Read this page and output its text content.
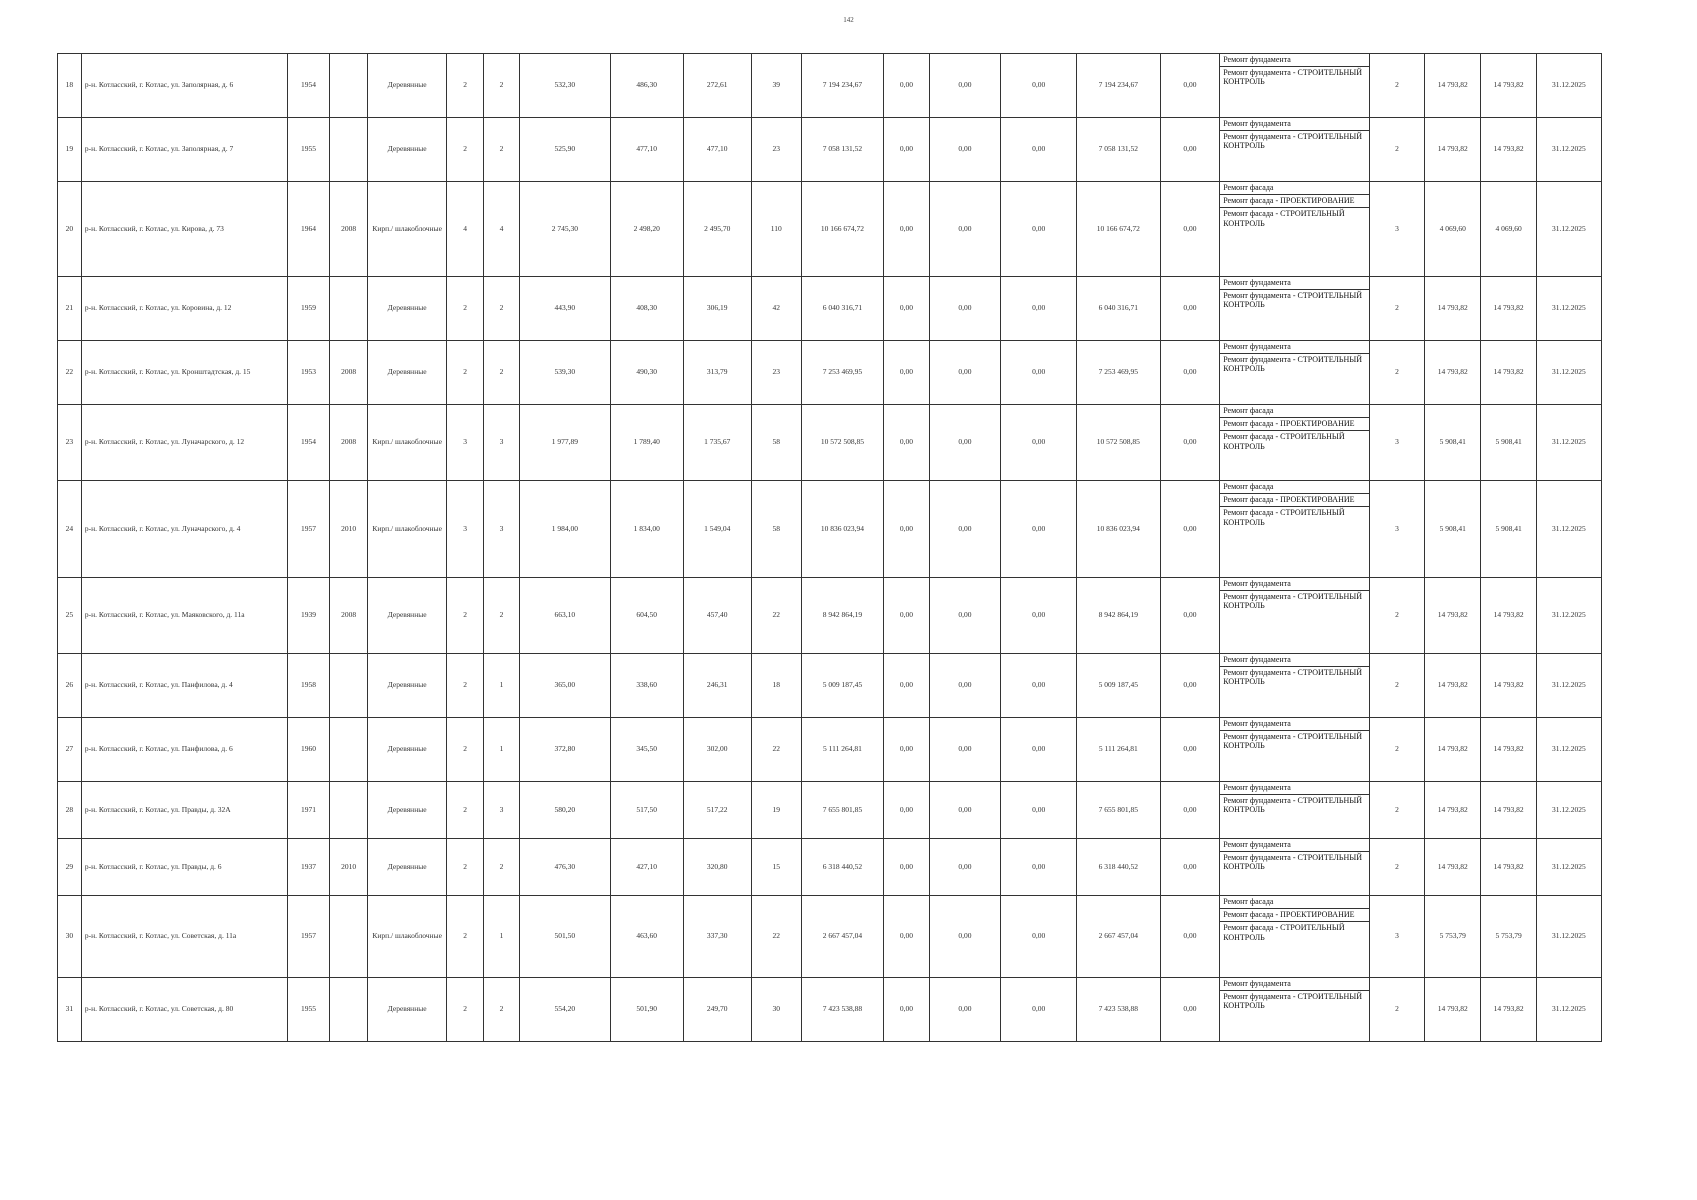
142
18	р-н. Котласский, г. Котлас, ул. Заполярная, д. 6	1954		Деревянные	2	2	532,30	486,30	272,61	39	7 194 234,67	0,00	0,00	0,00	7 194 234,67	0,00	Ремонт фундамента
Ремонт фундамента - СТРОИТЕЛЬНЫЙ КОНТРОЛЬ	2	14 793,82	14 793,82	31.12.2025
19	р-н. Котласский, г. Котлас, ул. Заполярная, д. 7	1955		Деревянные	2	2	525,90	477,10	477,10	23	7 058 131,52	0,00	0,00	0,00	7 058 131,52	0,00	Ремонт фундамента
Ремонт фундамента - СТРОИТЕЛЬНЫЙ КОНТРОЛЬ	2	14 793,82	14 793,82	31.12.2025
20	р-н. Котласский, г. Котлас, ул. Кирова, д. 73	1964	2008	Кирп./ шлакоблочные	4	4	2 745,30	2 498,20	2 495,70	110	10 166 674,72	0,00	0,00	0,00	10 166 674,72	0,00	Ремонт фасада
Ремонт фасада - ПРОЕКТИРОВАНИЕ
Ремонт фасада - СТРОИТЕЛЬНЫЙ КОНТРОЛЬ	3	4 069,60	4 069,60	31.12.2025
21	р-н. Котласский, г. Котлас, ул. Коровина, д. 12	1959		Деревянные	2	2	443,90	408,30	306,19	42	6 040 316,71	0,00	0,00	0,00	6 040 316,71	0,00	Ремонт фундамента
Ремонт фундамента - СТРОИТЕЛЬНЫЙ КОНТРОЛЬ	2	14 793,82	14 793,82	31.12.2025
22	р-н. Котласский, г. Котлас, ул. Кронштадтская, д. 15	1953	2008	Деревянные	2	2	539,30	490,30	313,79	23	7 253 469,95	0,00	0,00	0,00	7 253 469,95	0,00	Ремонт фундамента
Ремонт фундамента - СТРОИТЕЛЬНЫЙ КОНТРОЛЬ	2	14 793,82	14 793,82	31.12.2025
23	р-н. Котласский, г. Котлас, ул. Луначарского, д. 12	1954	2008	Кирп./ шлакоблочные	3	3	1 977,89	1 789,40	1 735,67	58	10 572 508,85	0,00	0,00	0,00	10 572 508,85	0,00	Ремонт фасада
Ремонт фасада - ПРОЕКТИРОВАНИЕ
Ремонт фасада - СТРОИТЕЛЬНЫЙ КОНТРОЛЬ	3	5 908,41	5 908,41	31.12.2025
24	р-н. Котласский, г. Котлас, ул. Луначарского, д. 4	1957	2010	Кирп./ шлакоблочные	3	3	1 984,00	1 834,00	1 549,04	58	10 836 023,94	0,00	0,00	0,00	10 836 023,94	0,00	Ремонт фасада
Ремонт фасада - ПРОЕКТИРОВАНИЕ
Ремонт фасада - СТРОИТЕЛЬНЫЙ КОНТРОЛЬ	3	5 908,41	5 908,41	31.12.2025
25	р-н. Котласский, г. Котлас, ул. Маяковского, д. 11а	1939	2008	Деревянные	2	2	663,10	604,50	457,40	22	8 942 864,19	0,00	0,00	0,00	8 942 864,19	0,00	Ремонт фундамента
Ремонт фундамента - СТРОИТЕЛЬНЫЙ КОНТРОЛЬ	2	14 793,82	14 793,82	31.12.2025
26	р-н. Котласский, г. Котлас, ул. Панфилова, д. 4	1958		Деревянные	2	1	365,00	338,60	246,31	18	5 009 187,45	0,00	0,00	0,00	5 009 187,45	0,00	Ремонт фундамента
Ремонт фундамента - СТРОИТЕЛЬНЫЙ КОНТРОЛЬ	2	14 793,82	14 793,82	31.12.2025
27	р-н. Котласский, г. Котлас, ул. Панфилова, д. 6	1960		Деревянные	2	1	372,80	345,50	302,00	22	5 111 264,81	0,00	0,00	0,00	5 111 264,81	0,00	Ремонт фундамента
Ремонт фундамента - СТРОИТЕЛЬНЫЙ КОНТРОЛЬ	2	14 793,82	14 793,82	31.12.2025
28	р-н. Котласский, г. Котлас, ул. Правды, д. 32А	1971		Деревянные	2	3	580,20	517,50	517,22	19	7 655 801,85	0,00	0,00	0,00	7 655 801,85	0,00	Ремонт фундамента
Ремонт фундамента - СТРОИТЕЛЬНЫЙ КОНТРОЛЬ	2	14 793,82	14 793,82	31.12.2025
29	р-н. Котласский, г. Котлас, ул. Правды, д. 6	1937	2010	Деревянные	2	2	476,30	427,10	320,80	15	6 318 440,52	0,00	0,00	0,00	6 318 440,52	0,00	Ремонт фундамента
Ремонт фундамента - СТРОИТЕЛЬНЫЙ КОНТРОЛЬ	2	14 793,82	14 793,82	31.12.2025
30	р-н. Котласский, г. Котлас, ул. Советская, д. 11а	1957		Кирп./ шлакоблочные	2	1	501,50	463,60	337,30	22	2 667 457,04	0,00	0,00	0,00	2 667 457,04	0,00	Ремонт фасада
Ремонт фасада - ПРОЕКТИРОВАНИЕ
Ремонт фасада - СТРОИТЕЛЬНЫЙ КОНТРОЛЬ	3	5 753,79	5 753,79	31.12.2025
31	р-н. Котласский, г. Котлас, ул. Советская, д. 80	1955		Деревянные	2	2	554,20	501,90	249,70	30	7 423 538,88	0,00	0,00	0,00	7 423 538,88	0,00	Ремонт фундамента
Ремонт фундамента - СТРОИТЕЛЬНЫЙ КОНТРОЛЬ	2	14 793,82	14 793,82	31.12.2025
